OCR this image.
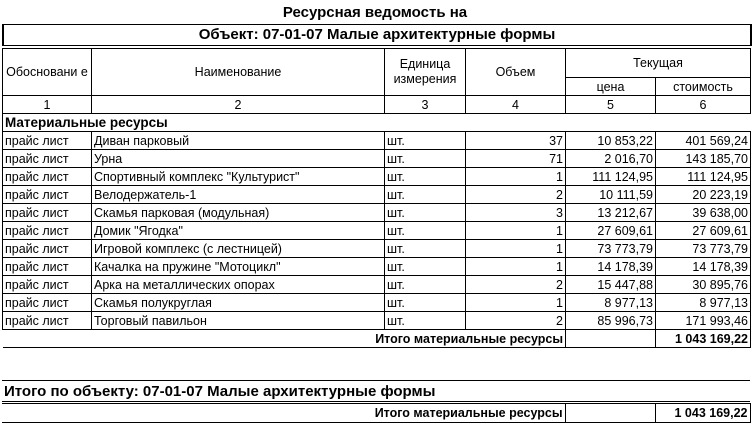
Ресурсная ведомость на
Объект: 07-01-07 Малые архитектурные формы
Обосновани е	Наименование	Единица измерения	Объем	Текущая	
				цена	стоимость
1	2	3	4	5	6
Материальные ресурсы					
прайс лист	Диван парковый	шт.	37	10 853,22	401 569,24
прайс лист	Урна	шт.	71	2 016,70	143 185,70
прайс лист	Спортивный комплекс "Культурист"	шт.	1	111 124,95	111 124,95
прайс лист	Велодержатель-1	шт.	2	10 111,59	20 223,19
прайс лист	Скамья парковая (модульная)	шт.	3	13 212,67	39 638,00
прайс лист	Домик "Ягодка"	шт.	1	27 609,61	27 609,61
прайс лист	Игровой комплекс (с лестницей)	шт.	1	73 773,79	73 773,79
прайс лист	Качалка на пружине "Мотоцикл"	шт.	1	14 178,39	14 178,39
прайс лист	Арка на металлических опорах	шт.	2	15 447,88	30 895,76
прайс лист	Скамья полукруглая	шт.	1	8 977,13	8 977,13
прайс лист	Торговый павильон	шт.	2	85 996,73	171 993,46
Итого материальные ресурсы					1 043 169,22
Итого по объекту: 07-01-07 Малые архитектурные формы
Итого материальные ресурсы		1 043 169,22
